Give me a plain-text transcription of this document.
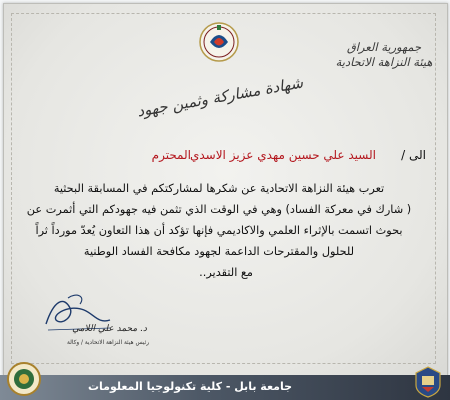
جمهورية العراق
هيئة النزاهة الاتحادية
شهادة مشاركة وثمين جهود
الى /
السيد علي حسين مهدي عزيز الاسدي
المحترم

تعرب هيئة النزاهة الاتحادية عن شكرها لمشاركتكم في المسابقة البحثية

( شارك في معركة الفساد) وهي في الوقت الذي تثمن فيه جهودكم التي أثمرت عن

بحوث اتسمت بالإثراء العلمي والاكاديمي فإنها تؤكد أن هذا التعاون يُعدّ مورداً ثراً

للحلول والمقترحات الداعمة لجهود مكافحة الفساد الوطنية

مع التقدير..

د. محمد علي اللامي
رئيس هيئة النزاهة الاتحادية / وكالة
جامعة بابل - كلية تكنولوجيا المعلومات
